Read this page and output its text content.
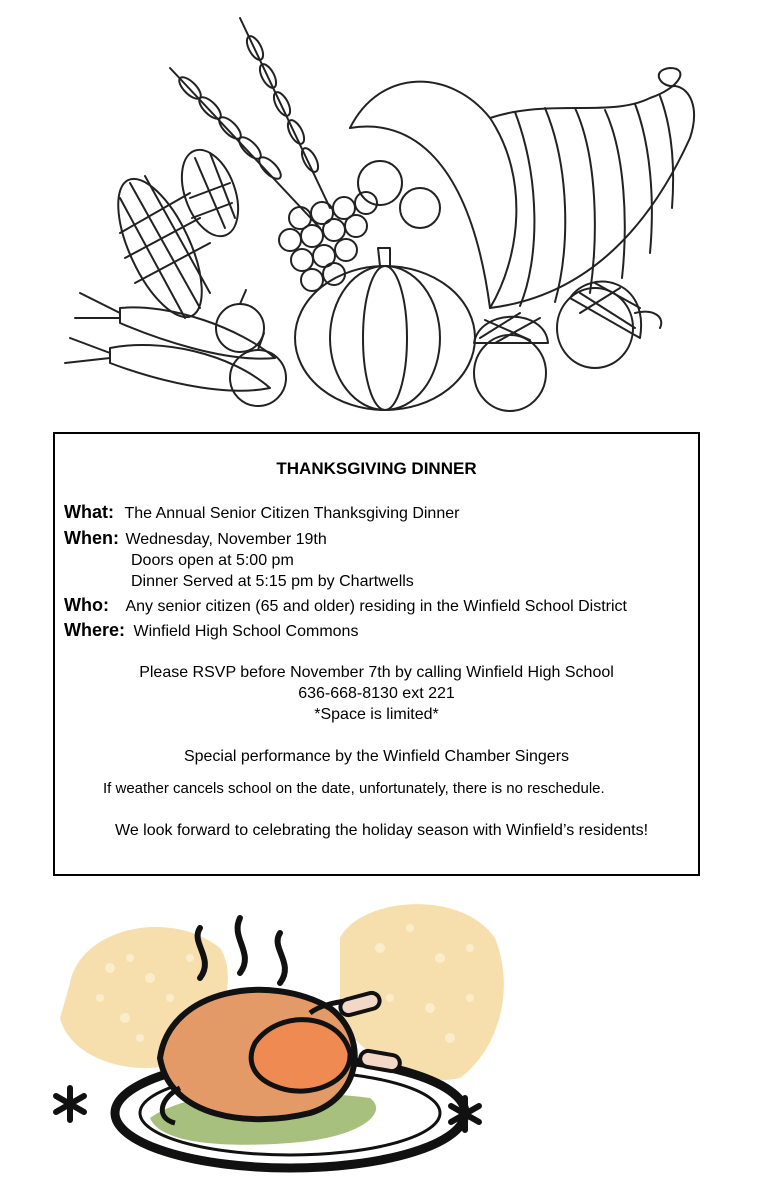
THANKSGIVING DINNER
What: The Annual Senior Citizen Thanksgiving Dinner
When: Wednesday, November 19th
Doors open at 5:00 pm
Dinner Served at 5:15 pm by Chartwells
Who: Any senior citizen (65 and older) residing in the Winfield School District
Where: Winfield High School Commons
Please RSVP before November 7th by calling Winfield High School
636-668-8130 ext 221
*Space is limited*
Special performance by the Winfield Chamber Singers
If weather cancels school on the date, unfortunately, there is no reschedule.
We look forward to celebrating the holiday season with Winfield’s residents!
